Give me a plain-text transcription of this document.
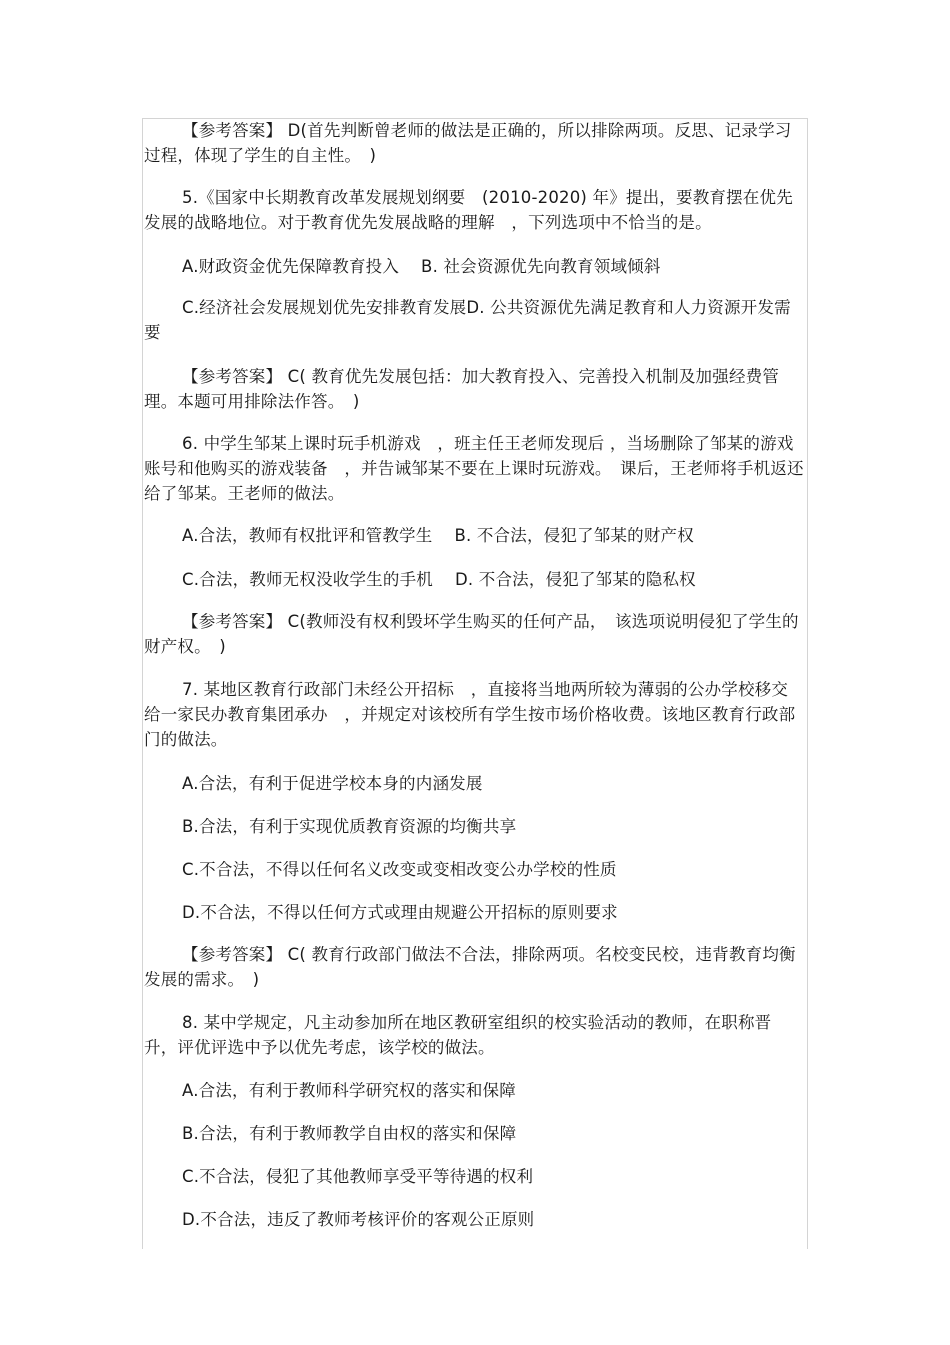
【参考答案】 D(首先判断曾老师的做法是正确的，所以排除两项。反思、记录学习过程，体现了学生的自主性。　)

5.《国家中长期教育改革发展规划纲要　(2010-2020) 年》提出，要教育摆在优先发展的战略地位。对于教育优先发展战略的理解　，下列选项中不恰当的是。

A.财政资金优先保障教育投入 B. 社会资源优先向教育领域倾斜

C.经济社会发展规划优先安排教育发展D. 公共资源优先满足教育和人力资源开发需要

【参考答案】 C( 教育优先发展包括：加大教育投入、完善投入机制及加强经费管理。本题可用排除法作答。　)

6. 中学生邹某上课时玩手机游戏　，班主任王老师发现后 ，当场删除了邹某的游戏账号和他购买的游戏装备　，并告诫邹某不要在上课时玩游戏。　课后，王老师将手机返还给了邹某。王老师的做法。

A.合法，教师有权批评和管教学生 B. 不合法，侵犯了邹某的财产权

C.合法，教师无权没收学生的手机 D. 不合法，侵犯了邹某的隐私权

【参考答案】 C(教师没有权利毁坏学生购买的任何产品，　该选项说明侵犯了学生的财产权。　)

7. 某地区教育行政部门未经公开招标　，直接将当地两所较为薄弱的公办学校移交给一家民办教育集团承办　，并规定对该校所有学生按市场价格收费。该地区教育行政部门的做法。

A.合法，有利于促进学校本身的内涵发展

B.合法，有利于实现优质教育资源的均衡共享

C.不合法，不得以任何名义改变或变相改变公办学校的性质

D.不合法，不得以任何方式或理由规避公开招标的原则要求

【参考答案】 C( 教育行政部门做法不合法，排除两项。名校变民校，违背教育均衡发展的需求。　)

8. 某中学规定，凡主动参加所在地区教研室组织的校实验活动的教师，在职称晋升，评优评选中予以优先考虑，该学校的做法。

A.合法，有利于教师科学研究权的落实和保障

B.合法，有利于教师教学自由权的落实和保障

C.不合法，侵犯了其他教师享受平等待遇的权利

D.不合法，违反了教师考核评价的客观公正原则
